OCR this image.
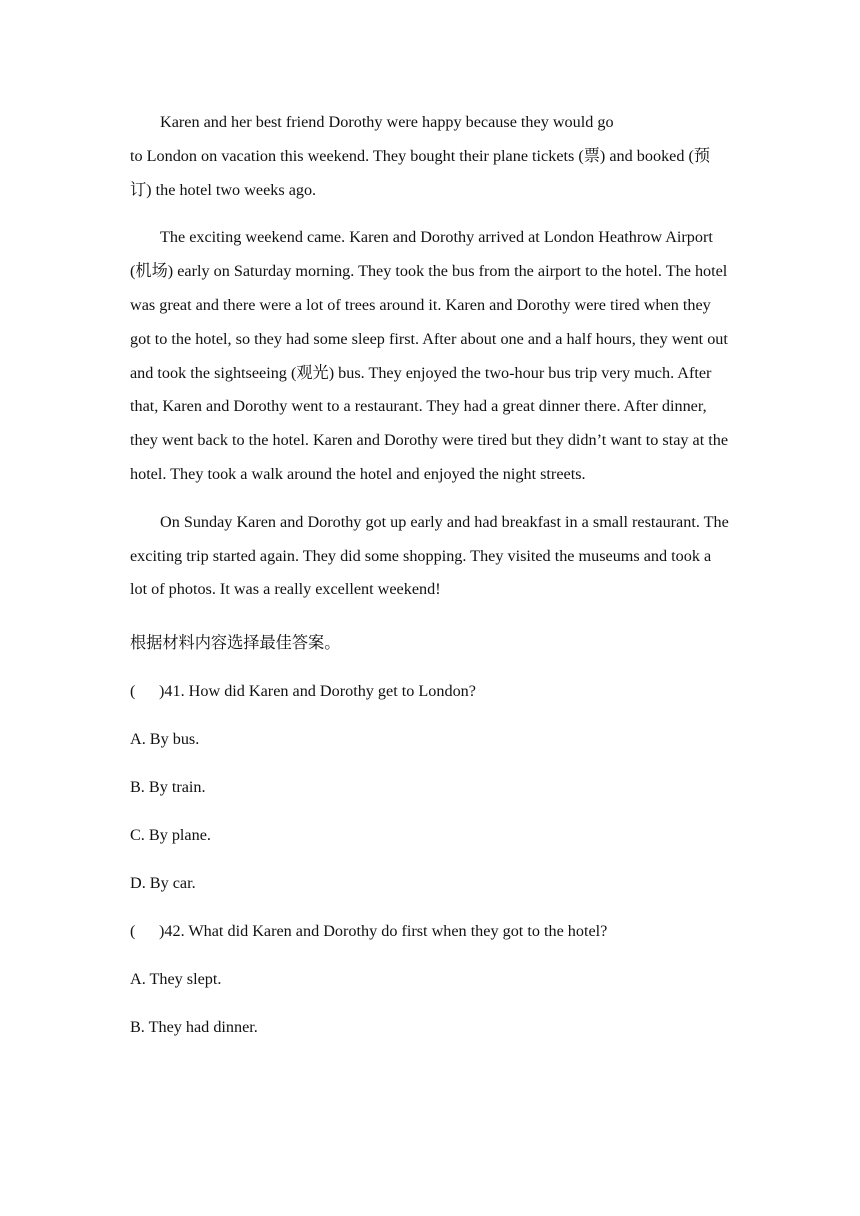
Karen and her best friend Dorothy were happy because they would go
to London on vacation this weekend. They bought their plane tickets (票) and booked (预订) the hotel two weeks ago.

The exciting weekend came. Karen and Dorothy arrived at London Heathrow Airport (机场) early on Saturday morning. They took the bus from the airport to the hotel. The hotel was great and there were a lot of trees around it. Karen and Dorothy were tired when they got to the hotel, so they had some sleep first. After about one and a half hours, they went out and took the sightseeing (观光) bus. They enjoyed the two-hour bus trip very much. After that, Karen and Dorothy went to a restaurant. They had a great dinner there. After dinner, they went back to the hotel. Karen and Dorothy were tired but they didn’t want to stay at the hotel. They took a walk around the hotel and enjoyed the night streets.

On Sunday Karen and Dorothy got up early and had breakfast in a small restaurant. The exciting trip started again. They did some shopping. They visited the museums and took a lot of photos. It was a really excellent weekend!

根据材料内容选择最佳答案。

( )41. How did Karen and Dorothy get to London?

A. By bus.

B. By train.

C. By plane.

D. By car.

( )42. What did Karen and Dorothy do first when they got to the hotel?

A. They slept.

B. They had dinner.
